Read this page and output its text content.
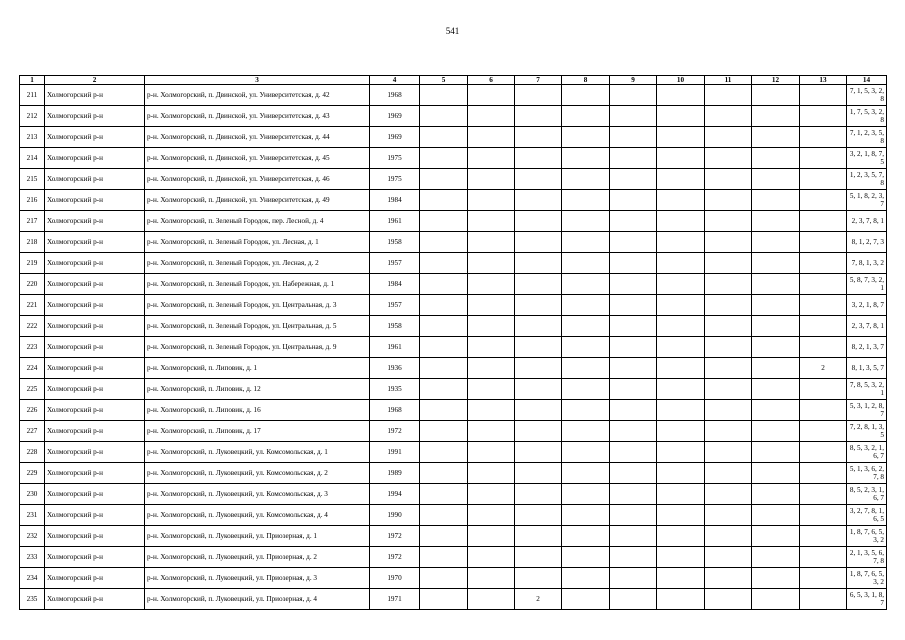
541
1	2	3	4	5	6	7	8	9	10	11	12	13	14
211	Холмогорский р-н	р-н. Холмогорский, п. Двинской, ул. Университетская, д. 42	1968										7, 1, 5, 3, 2, 8
212	Холмогорский р-н	р-н. Холмогорский, п. Двинской, ул. Университетская, д. 43	1969										1, 7, 5, 3, 2, 8
213	Холмогорский р-н	р-н. Холмогорский, п. Двинской, ул. Университетская, д. 44	1969										7, 1, 2, 3, 5, 8
214	Холмогорский р-н	р-н. Холмогорский, п. Двинской, ул. Университетская, д. 45	1975										3, 2, 1, 8, 7, 5
215	Холмогорский р-н	р-н. Холмогорский, п. Двинской, ул. Университетская, д. 46	1975										1, 2, 3, 5, 7, 8
216	Холмогорский р-н	р-н. Холмогорский, п. Двинской, ул. Университетская, д. 49	1984										5, 1, 8, 2, 3, 7
217	Холмогорский р-н	р-н. Холмогорский, п. Зеленый Городок, пер. Лесной, д. 4	1961										2, 3, 7, 8, 1
218	Холмогорский р-н	р-н. Холмогорский, п. Зеленый Городок, ул. Лесная, д. 1	1958										8, 1, 2, 7, 3
219	Холмогорский р-н	р-н. Холмогорский, п. Зеленый Городок, ул. Лесная, д. 2	1957										7, 8, 1, 3, 2
220	Холмогорский р-н	р-н. Холмогорский, п. Зеленый Городок, ул. Набережная, д. 1	1984										5, 8, 7, 3, 2, 1
221	Холмогорский р-н	р-н. Холмогорский, п. Зеленый Городок, ул. Центральная, д. 3	1957										3, 2, 1, 8, 7
222	Холмогорский р-н	р-н. Холмогорский, п. Зеленый Городок, ул. Центральная, д. 5	1958										2, 3, 7, 8, 1
223	Холмогорский р-н	р-н. Холмогорский, п. Зеленый Городок, ул. Центральная, д. 9	1961										8, 2, 1, 3, 7
224	Холмогорский р-н	р-н. Холмогорский, п. Липовик, д. 1	1936									2	8, 1, 3, 5, 7
225	Холмогорский р-н	р-н. Холмогорский, п. Липовик, д. 12	1935										7, 8, 5, 3, 2, 1
226	Холмогорский р-н	р-н. Холмогорский, п. Липовик, д. 16	1968										5, 3, 1, 2, 8, 7
227	Холмогорский р-н	р-н. Холмогорский, п. Липовик, д. 17	1972										7, 2, 8, 1, 3, 5
228	Холмогорский р-н	р-н. Холмогорский, п. Луковецкий, ул. Комсомольская, д. 1	1991										8, 5, 3, 2, 1, 6, 7
229	Холмогорский р-н	р-н. Холмогорский, п. Луковецкий, ул. Комсомольская, д. 2	1989										5, 1, 3, 6, 2, 7, 8
230	Холмогорский р-н	р-н. Холмогорский, п. Луковецкий, ул. Комсомольская, д. 3	1994										8, 5, 2, 3, 1, 6, 7
231	Холмогорский р-н	р-н. Холмогорский, п. Луковецкий, ул. Комсомольская, д. 4	1990										3, 2, 7, 8, 1, 6, 5
232	Холмогорский р-н	р-н. Холмогорский, п. Луковецкий, ул. Приозерная, д. 1	1972										1, 8, 7, 6, 5, 3, 2
233	Холмогорский р-н	р-н. Холмогорский, п. Луковецкий, ул. Приозерная, д. 2	1972										2, 1, 3, 5, 6, 7, 8
234	Холмогорский р-н	р-н. Холмогорский, п. Луковецкий, ул. Приозерная, д. 3	1970										1, 8, 7, 6, 5, 3, 2
235	Холмогорский р-н	р-н. Холмогорский, п. Луковецкий, ул. Приозерная, д. 4	1971			2							6, 5, 3, 1, 8, 7
